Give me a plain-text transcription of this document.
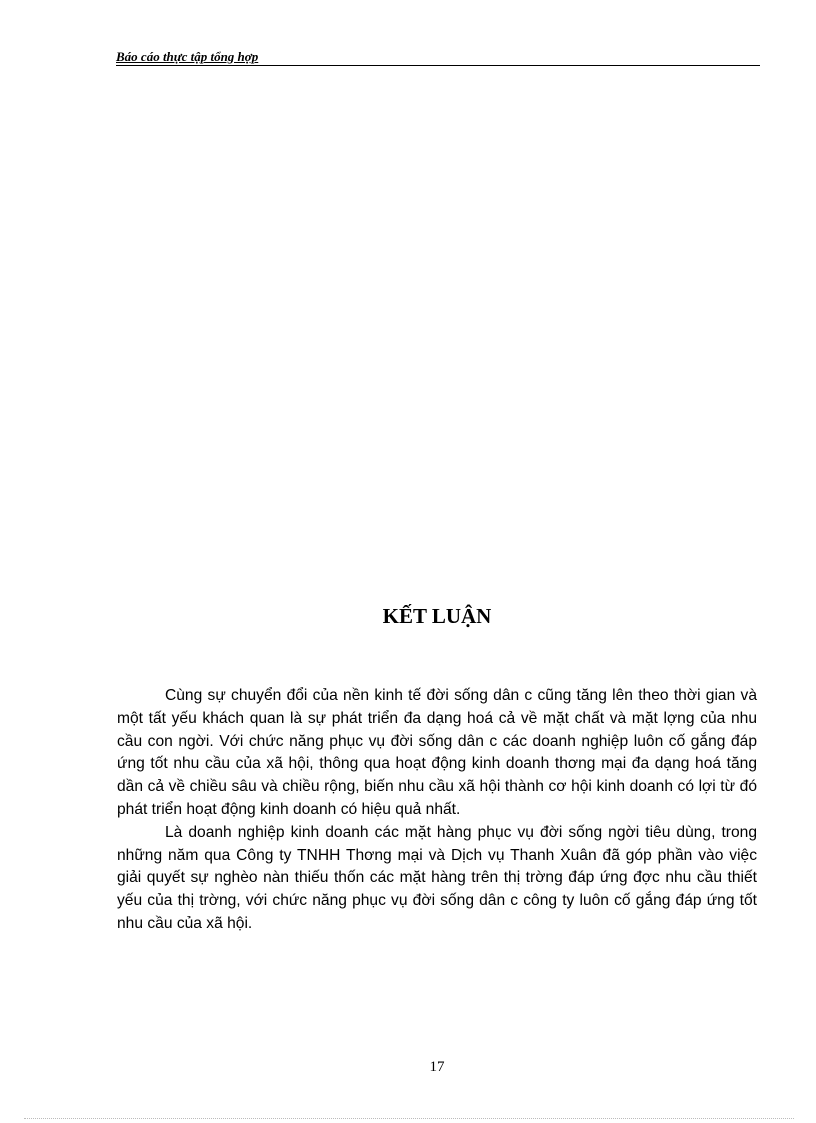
Báo cáo thực tập tổng hợp
KẾT LUẬN

Cùng sự chuyển đổi của nền kinh tế đời sống dân c cũng tăng lên theo thời gian và một tất yếu khách quan là sự phát triển đa dạng hoá cả về mặt chất và mặt lợng của nhu cầu con ngời. Với chức năng phục vụ đời sống dân c các doanh nghiệp luôn cố gắng đáp ứng tốt nhu cầu của xã hội, thông qua hoạt động kinh doanh thơng mại đa dạng hoá tăng dần cả về chiều sâu và chiều rộng, biến nhu cầu xã hội thành cơ hội kinh doanh có lợi từ đó phát triển hoạt động kinh doanh có hiệu quả nhất.

Là doanh nghiệp kinh doanh các mặt hàng phục vụ đời sống ngời tiêu dùng, trong những năm qua Công ty TNHH Thơng mại và Dịch vụ Thanh Xuân đã góp phần vào việc giải quyết sự nghèo nàn thiếu thốn các mặt hàng trên thị trờng đáp ứng đợc nhu cầu thiết yếu của thị trờng, với chức năng phục vụ đời sống dân c công ty luôn cố gắng đáp ứng tốt nhu cầu của xã hội.

17
